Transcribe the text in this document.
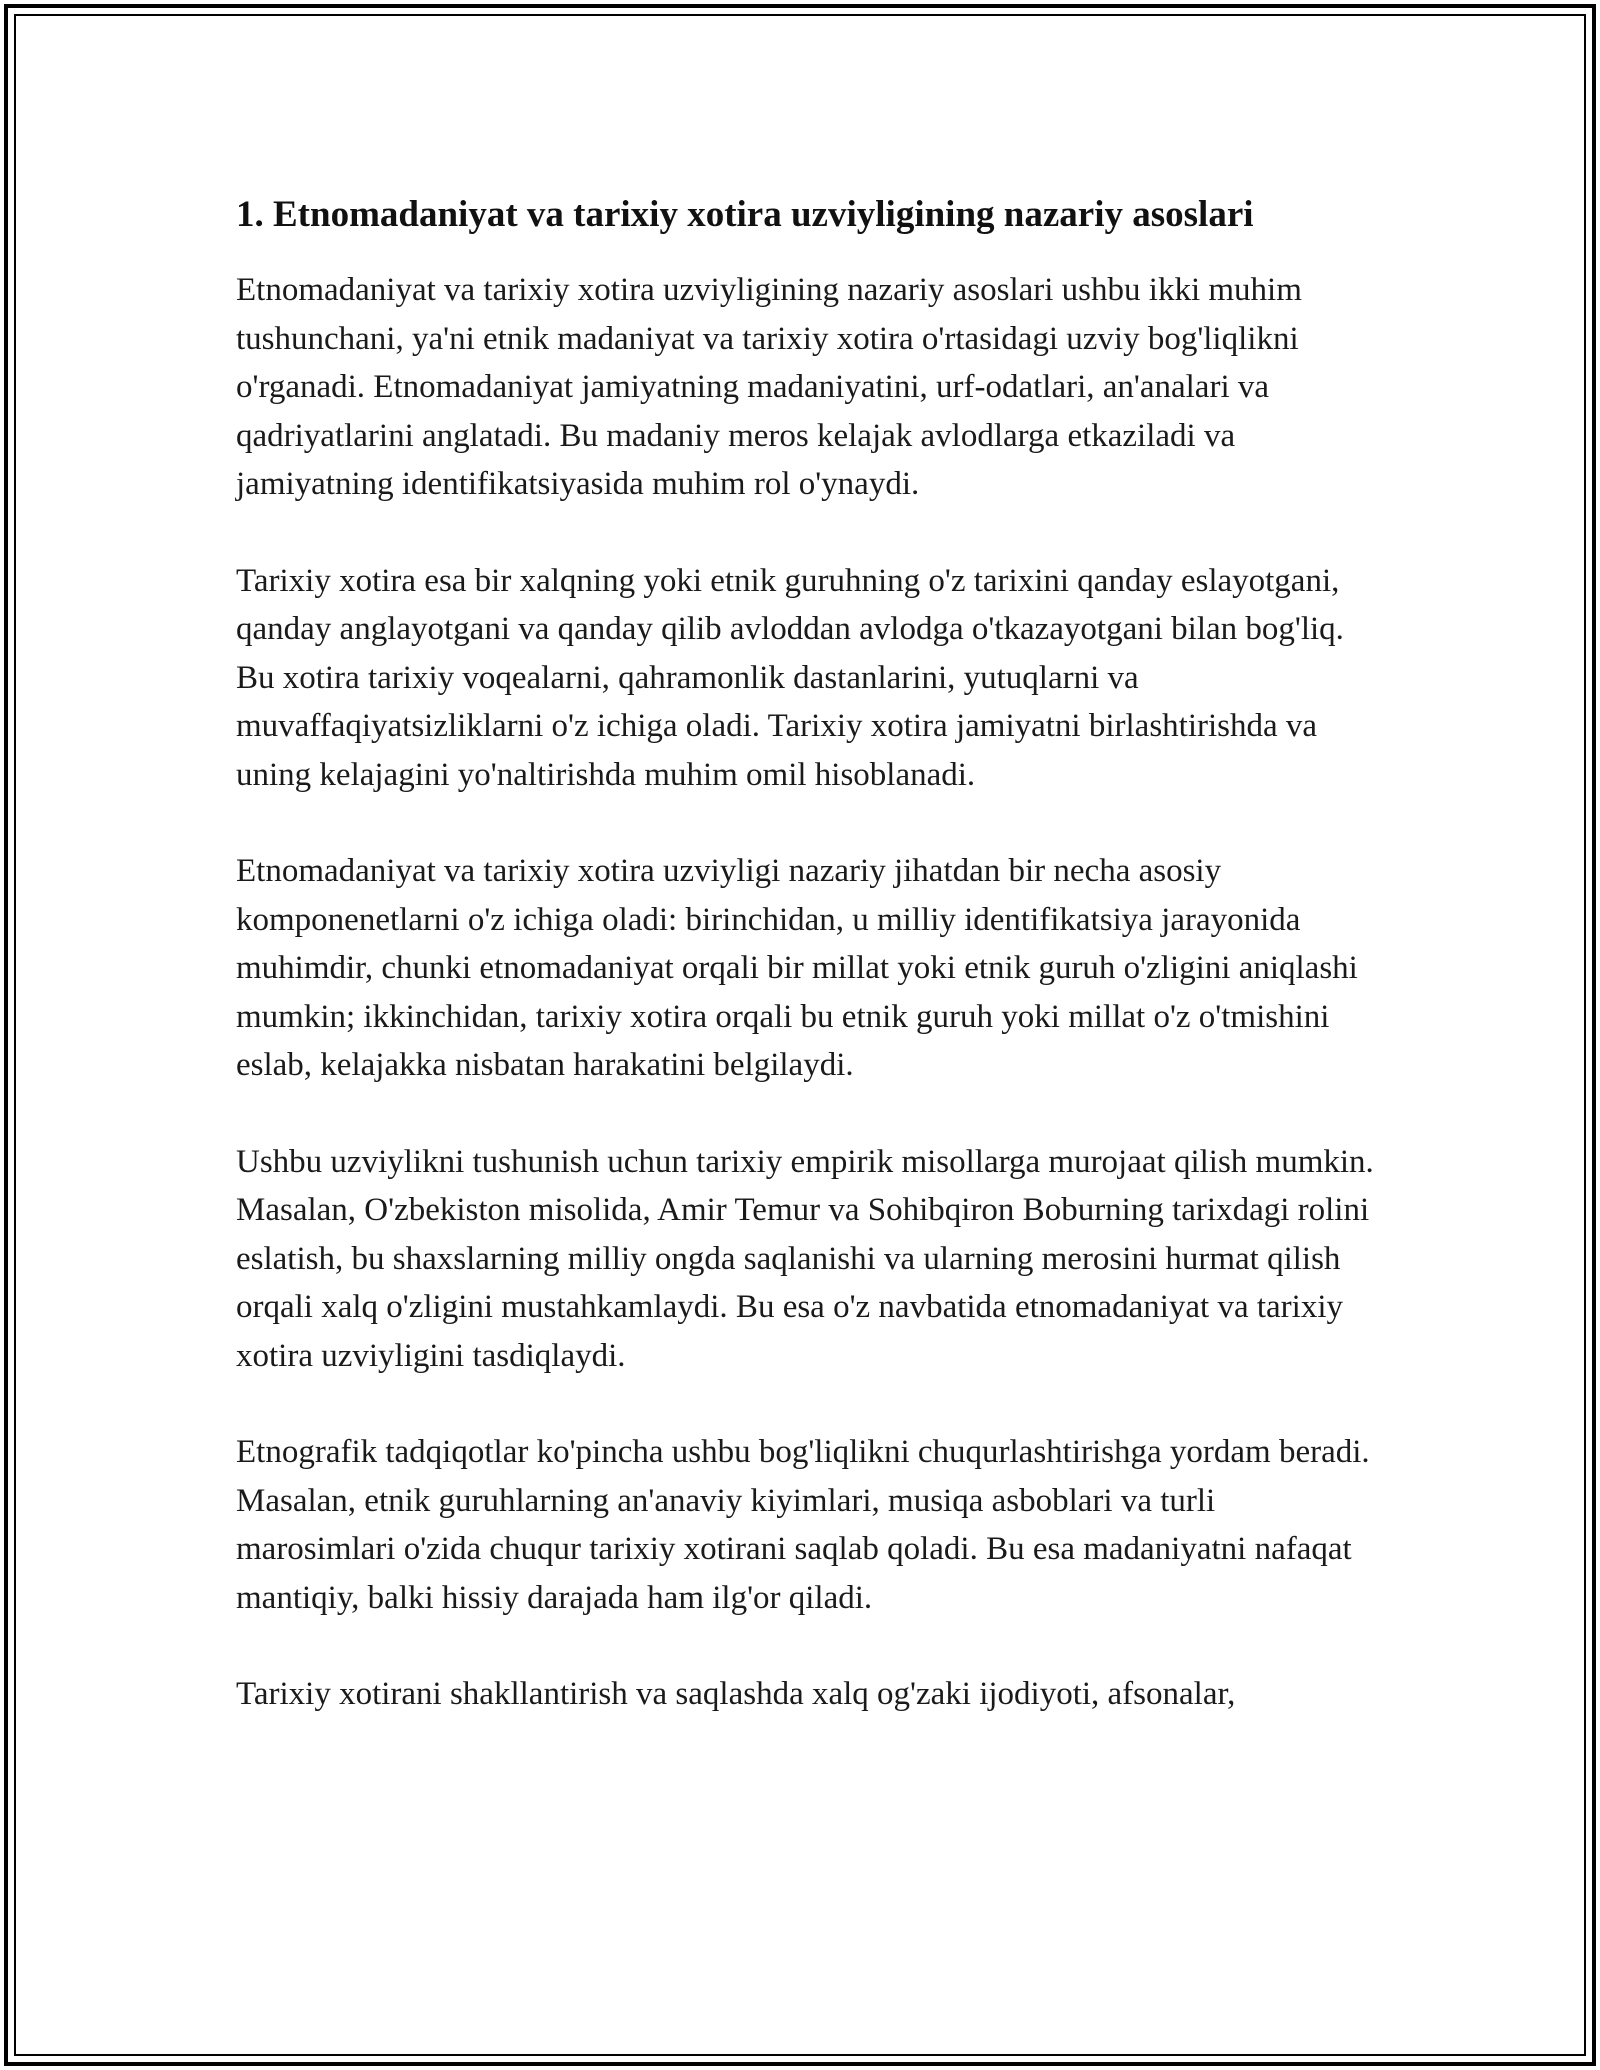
1. Etnomadaniyat va tarixiy xotira uzviyligining nazariy asoslari

Etnomadaniyat va tarixiy xotira uzviyligining nazariy asoslari ushbu ikki muhim tushunchani, ya'ni etnik madaniyat va tarixiy xotira o'rtasidagi uzviy bog'liqlikni o'rganadi. Etnomadaniyat jamiyatning madaniyatini, urf-odatlari, an'analari va qadriyatlarini anglatadi. Bu madaniy meros kelajak avlodlarga etkaziladi va jamiyatning identifikatsiyasida muhim rol o'ynaydi.

Tarixiy xotira esa bir xalqning yoki etnik guruhning o'z tarixini qanday eslayotgani, qanday anglayotgani va qanday qilib avloddan avlodga o'tkazayotgani bilan bog'liq. Bu xotira tarixiy voqealarni, qahramonlik dastanlarini, yutuqlarni va muvaffaqiyatsizliklarni o'z ichiga oladi. Tarixiy xotira jamiyatni birlashtirishda va uning kelajagini yo'naltirishda muhim omil hisoblanadi.

Etnomadaniyat va tarixiy xotira uzviyligi nazariy jihatdan bir necha asosiy komponenetlarni o'z ichiga oladi: birinchidan, u milliy identifikatsiya jarayonida muhimdir, chunki etnomadaniyat orqali bir millat yoki etnik guruh o'zligini aniqlashi mumkin; ikkinchidan, tarixiy xotira orqali bu etnik guruh yoki millat o'z o'tmishini eslab, kelajakka nisbatan harakatini belgilaydi.

Ushbu uzviylikni tushunish uchun tarixiy empirik misollarga murojaat qilish mumkin. Masalan, O'zbekiston misolida, Amir Temur va Sohibqiron Boburning tarixdagi rolini eslatish, bu shaxslarning milliy ongda saqlanishi va ularning merosini hurmat qilish orqali xalq o'zligini mustahkamlaydi. Bu esa o'z navbatida etnomadaniyat va tarixiy xotira uzviyligini tasdiqlaydi.

Etnografik tadqiqotlar ko'pincha ushbu bog'liqlikni chuqurlashtirishga yordam beradi. Masalan, etnik guruhlarning an'anaviy kiyimlari, musiqa asboblari va turli marosimlari o'zida chuqur tarixiy xotirani saqlab qoladi. Bu esa madaniyatni nafaqat mantiqiy, balki hissiy darajada ham ilg'or qiladi.

Tarixiy xotirani shakllantirish va saqlashda xalq og'zaki ijodiyoti, afsonalar,
